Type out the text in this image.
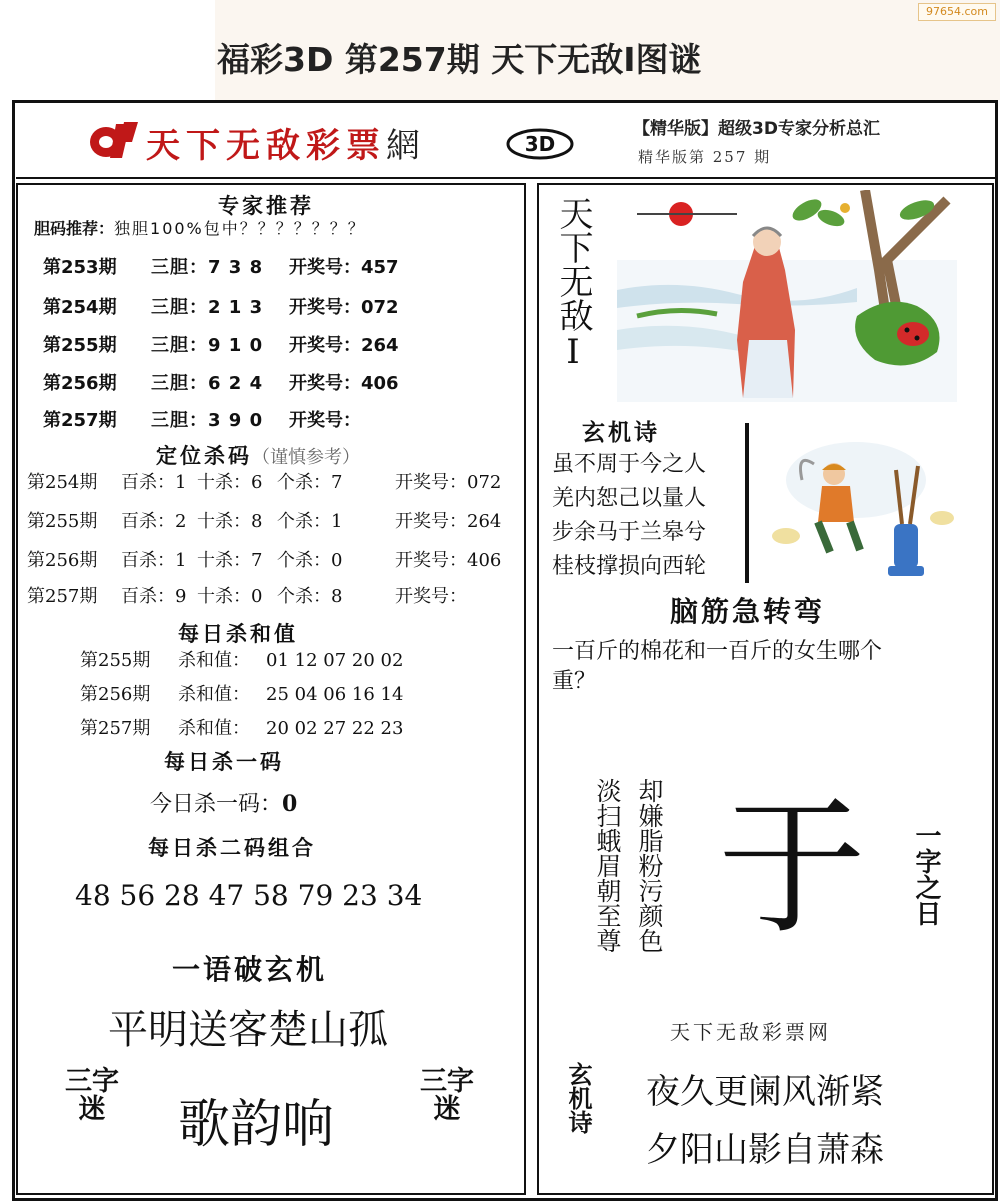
福彩3D 第257期 天下无敌Ⅰ图谜
97654.com
天下无敌彩票網	3D
【精华版】超级3D专家分析总汇
精华版第 257 期
专家推荐
胆码推荐：独胆100%包中？？？？？？？
第253期	三胆：7 3 8	开奖号：457
第254期	三胆：2 1 3	开奖号：072
第255期	三胆：9 1 0	开奖号：264
第256期	三胆：6 2 4	开奖号：406
第257期	三胆：3 9 0	开奖号：
定位杀码（谨慎参考）
第254期	百杀：1 十杀：6 个杀：7	开奖号：072
第255期	百杀：2 十杀：8 个杀：1	开奖号：264
第256期	百杀：1 十杀：7 个杀：0	开奖号：406
第257期	百杀：9 十杀：0 个杀：8	开奖号：
每日杀和值
第255期	杀和值： 01 12 07 20 02
第256期	杀和值： 25 04 06 16 14
第257期	杀和值： 20 02 27 22 23
每日杀一码
今日杀一码：0
每日杀二码组合
48 56 28 47 58 79 23 34
一语破玄机
平明送客楚山孤
三字迷 歌韵响
三字迷
天下无敌Ⅰ
玄机诗
虽不周于今之人
羌内恕己以量人
步余马于兰皋兮
桂枝撑损向西轮
脑筋急转弯
一百斤的棉花和一百斤的女生哪个
重？
淡扫蛾眉朝至尊 却嫌脂粉污颜色 于	一字之日
天下无敌彩票网
玄机诗 夜久更阑风渐紧
夕阳山影自萧森
